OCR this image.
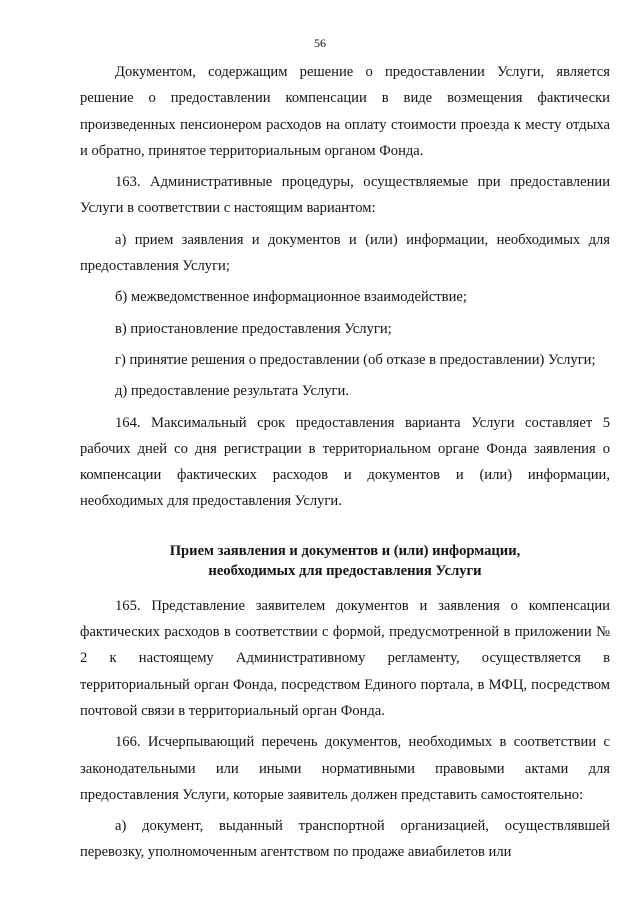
56

Документом, содержащим решение о предоставлении Услуги, является решение о предоставлении компенсации в виде возмещения фактически произведенных пенсионером расходов на оплату стоимости проезда к месту отдыха и обратно, принятое территориальным органом Фонда.

163. Административные процедуры, осуществляемые при предоставлении Услуги в соответствии с настоящим вариантом:

а) прием заявления и документов и (или) информации, необходимых для предоставления Услуги;

б) межведомственное информационное взаимодействие;

в) приостановление предоставления Услуги;

г) принятие решения о предоставлении (об отказе в предоставлении) Услуги;

д) предоставление результата Услуги.

164. Максимальный срок предоставления варианта Услуги составляет 5 рабочих дней со дня регистрации в территориальном органе Фонда заявления о компенсации фактических расходов и документов и (или) информации, необходимых для предоставления Услуги.

Прием заявления и документов и (или) информации,
необходимых для предоставления Услуги

165. Представление заявителем документов и заявления о компенсации фактических расходов в соответствии с формой, предусмотренной в приложении № 2 к настоящему Административному регламенту, осуществляется в территориальный орган Фонда, посредством Единого портала, в МФЦ, посредством почтовой связи в территориальный орган Фонда.

166. Исчерпывающий перечень документов, необходимых в соответствии с законодательными или иными нормативными правовыми актами для предоставления Услуги, которые заявитель должен представить самостоятельно:

а) документ, выданный транспортной организацией, осуществлявшей перевозку, уполномоченным агентством по продаже авиабилетов или
